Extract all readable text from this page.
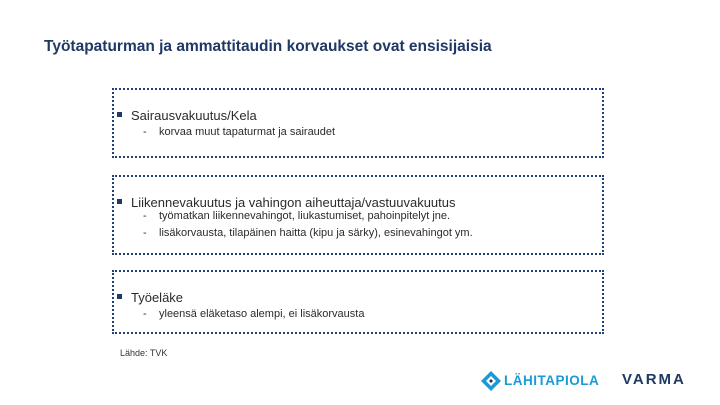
Työtapaturman ja ammattitaudin korvaukset ovat ensisijaisia
Sairausvakuutus/Kela
- korvaa muut tapaturmat ja sairaudet
Liikennevakuutus ja vahingon aiheuttaja/vastuuvakuutus
- työmatkan liikennevahingot, liukastumiset, pahoinpitelyt jne.
- lisäkorvausta, tilapäinen haitta (kipu ja särky), esinevahingot ym.
Työeläke
- yleensä eläketaso alempi, ei lisäkorvausta
Lähde: TVK
LÄHITAPIOLA VARMA
